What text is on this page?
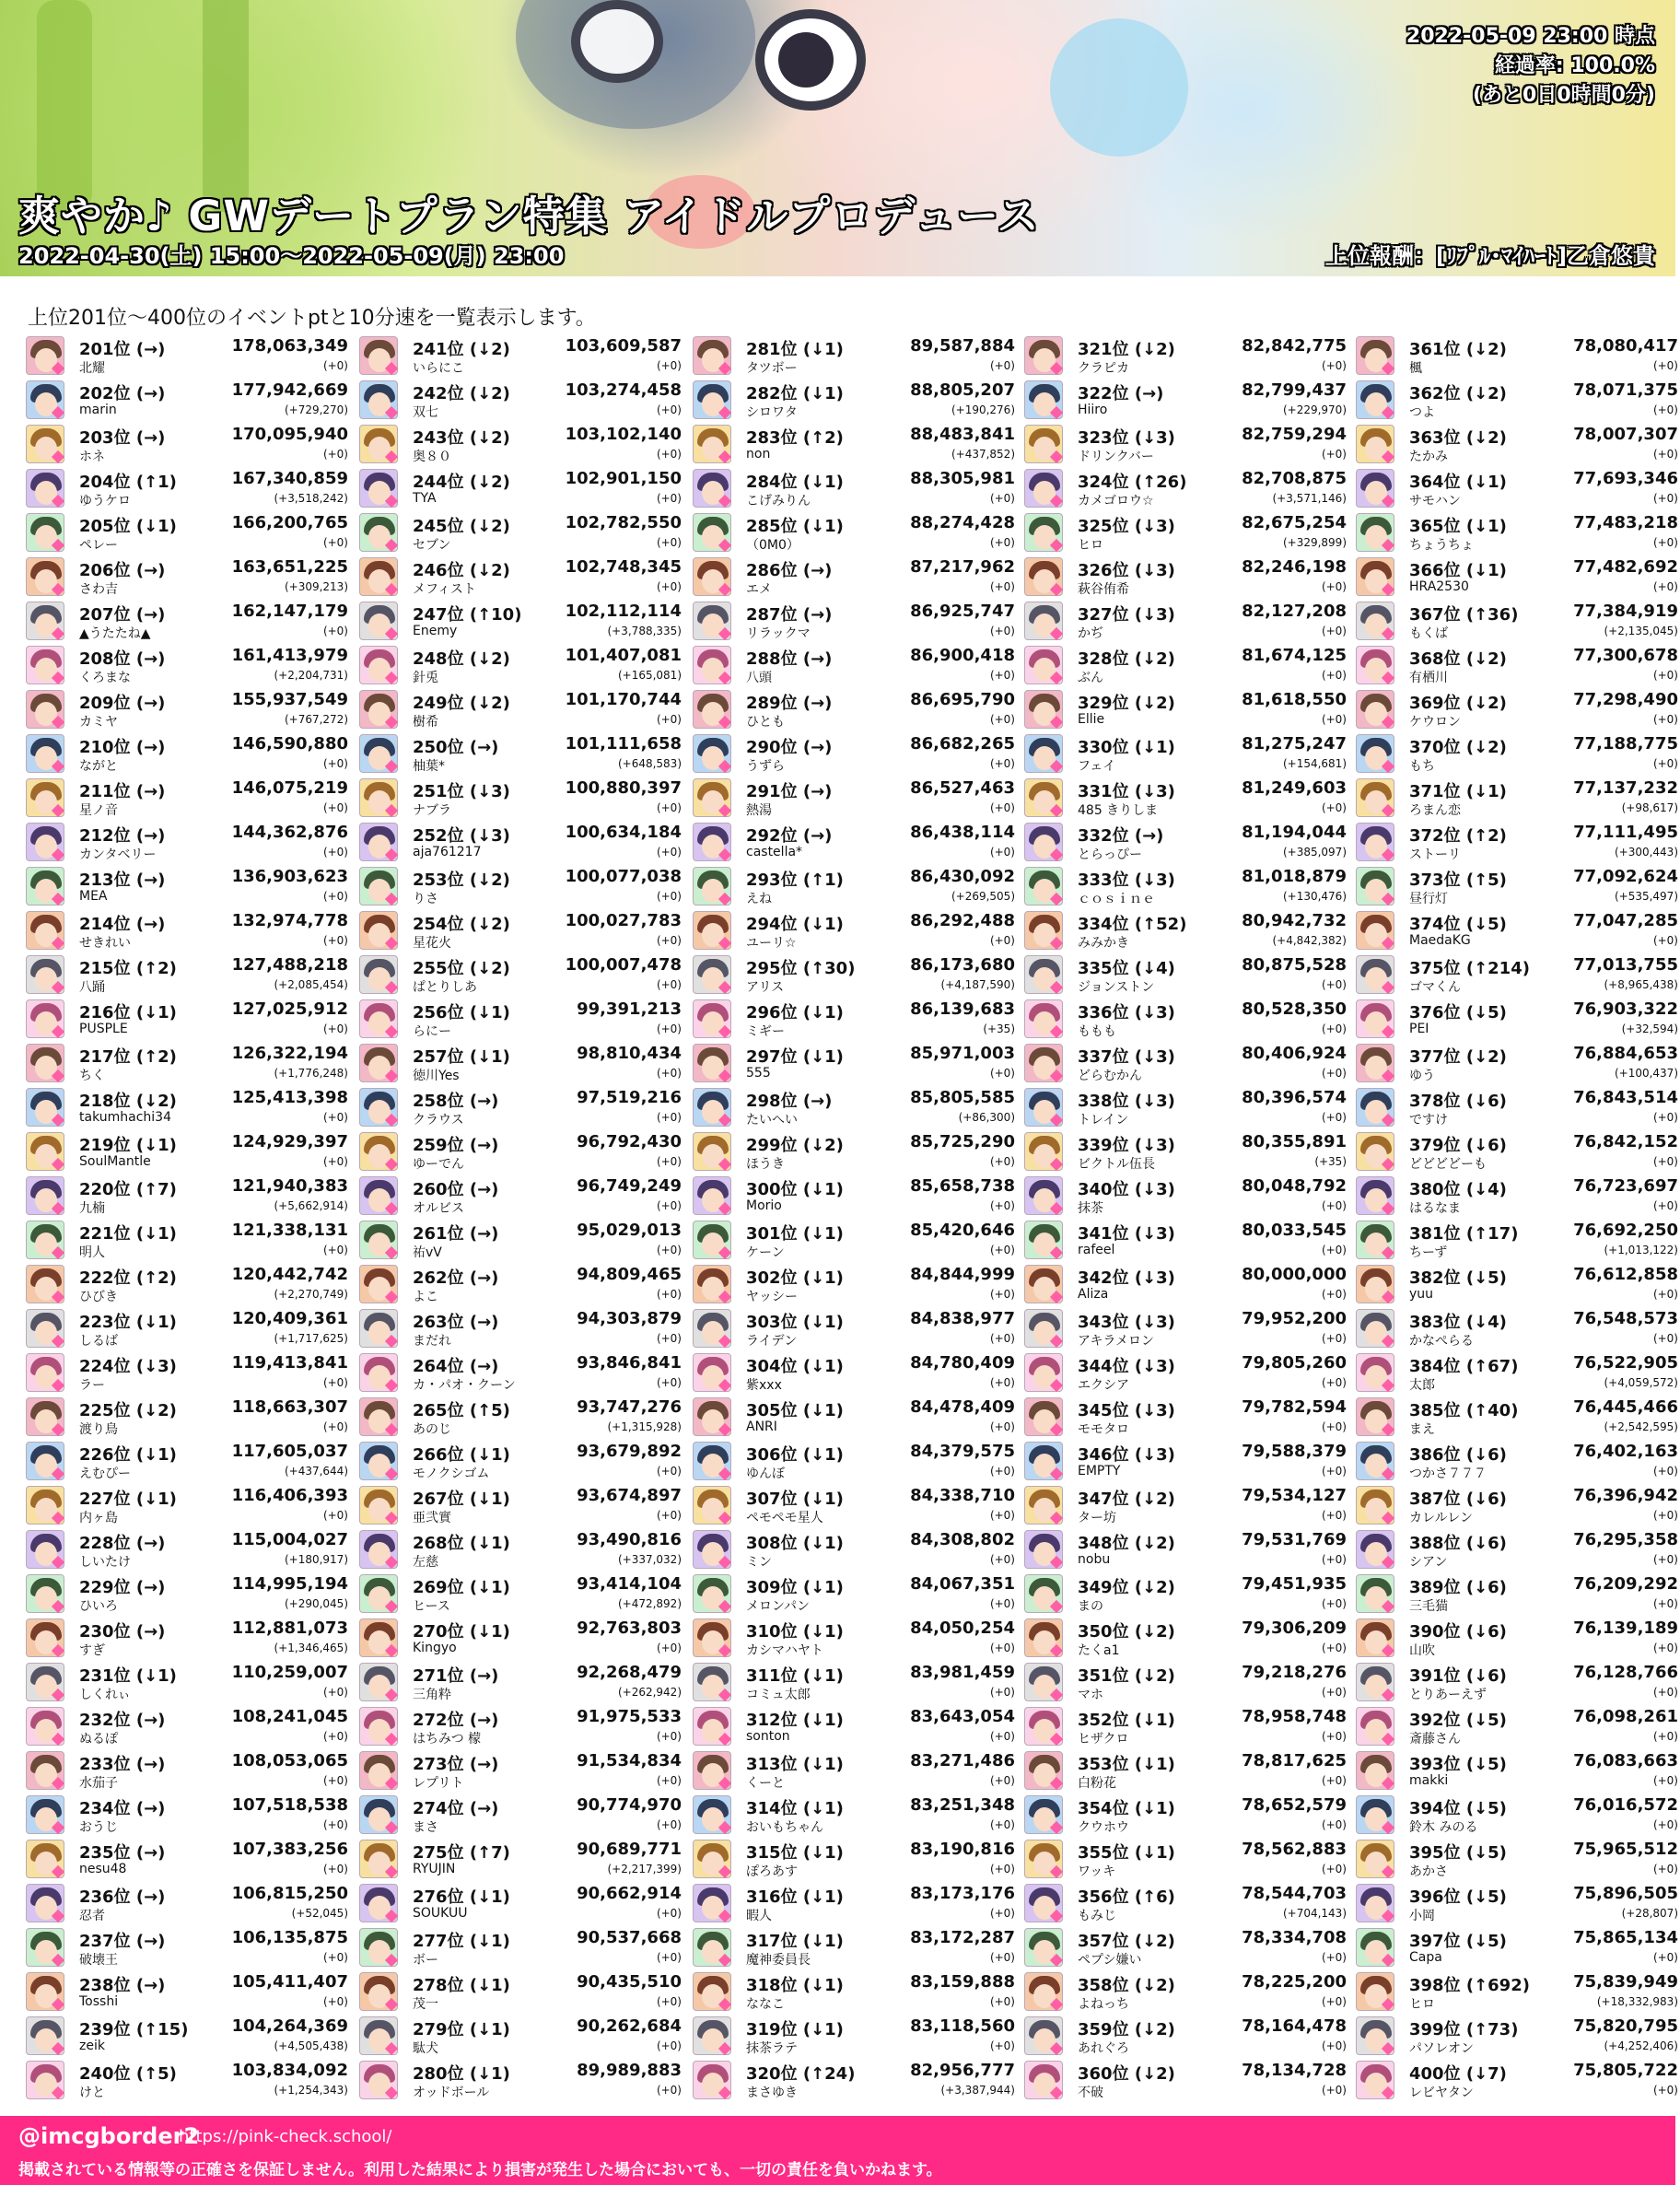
2022-05-09 23:00 時点
経過率: 100.0%
(あと0日0時間0分)
爽やか♪ GWデートプラン特集 アイドルプロデュース
2022-04-30(土) 15:00〜2022-05-09(月) 23:00	上位報酬：[ﾘﾌﾟﾙ･ﾏｲﾊｰﾄ]乙倉悠貴
上位201位〜400位のイベントptと10分速を一覧表示します。
201位 (→)	178,063,349
北耀	(+0)
202位 (→)	177,942,669
marin	(+729,270)
203位 (→)	170,095,940
ホネ	(+0)
204位 (↑1)	167,340,859
ゆうケロ	(+3,518,242)
205位 (↓1)	166,200,765
ペレー	(+0)
206位 (→)	163,651,225
さわ吉	(+309,213)
207位 (→)	162,147,179
▲うたたね▲	(+0)
208位 (→)	161,413,979
くろまな	(+2,204,731)
209位 (→)	155,937,549
カミヤ	(+767,272)
210位 (→)	146,590,880
ながと	(+0)
211位 (→)	146,075,219
星ノ音	(+0)
212位 (→)	144,362,876
カンタベリー	(+0)
213位 (→)	136,903,623
MEA	(+0)
214位 (→)	132,974,778
せきれい	(+0)
215位 (↑2)	127,488,218
八踊	(+2,085,454)
216位 (↓1)	127,025,912
PUSPLE	(+0)
217位 (↑2)	126,322,194
ちく	(+1,776,248)
218位 (↓2)	125,413,398
takumhachi34	(+0)
219位 (↓1)	124,929,397
SoulMantle	(+0)
220位 (↑7)	121,940,383
九楠	(+5,662,914)
221位 (↓1)	121,338,131
明人	(+0)
222位 (↑2)	120,442,742
ひびき	(+2,270,749)
223位 (↓1)	120,409,361
しるば	(+1,717,625)
224位 (↓3)	119,413,841
ラー	(+0)
225位 (↓2)	118,663,307
渡り鳥	(+0)
226位 (↓1)	117,605,037
えむぴー	(+437,644)
227位 (↓1)	116,406,393
内ヶ島	(+0)
228位 (→)	115,004,027
しいたけ	(+180,917)
229位 (→)	114,995,194
ひいろ	(+290,045)
230位 (→)	112,881,073
すぎ	(+1,346,465)
231位 (↓1)	110,259,007
しくれぃ	(+0)
232位 (→)	108,241,045
ぬるぽ	(+0)
233位 (→)	108,053,065
水茄子	(+0)
234位 (→)	107,518,538
おうじ	(+0)
235位 (→)	107,383,256
nesu48	(+0)
236位 (→)	106,815,250
忍者	(+52,045)
237位 (→)	106,135,875
破壊王	(+0)
238位 (→)	105,411,407
Tosshi	(+0)
239位 (↑15)	104,264,369
zeik	(+4,505,438)
240位 (↑5)	103,834,092
けと	(+1,254,343)
241位 (↓2)	103,609,587
いらにこ	(+0)
242位 (↓2)	103,274,458
双七	(+0)
243位 (↓2)	103,102,140
奥８０	(+0)
244位 (↓2)	102,901,150
TYA	(+0)
245位 (↓2)	102,782,550
セブン	(+0)
246位 (↓2)	102,748,345
メフィスト	(+0)
247位 (↑10)	102,112,114
Enemy	(+3,788,335)
248位 (↓2)	101,407,081
針兎	(+165,081)
249位 (↓2)	101,170,744
樹希	(+0)
250位 (→)	101,111,658
柚葉*	(+648,583)
251位 (↓3)	100,880,397
ナブラ	(+0)
252位 (↓3)	100,634,184
aja761217	(+0)
253位 (↓2)	100,077,038
りさ	(+0)
254位 (↓2)	100,027,783
星花火	(+0)
255位 (↓2)	100,007,478
ぱとりしあ	(+0)
256位 (↓1)	99,391,213
らにー	(+0)
257位 (↓1)	98,810,434
徳川Yes	(+0)
258位 (→)	97,519,216
クラウス	(+0)
259位 (→)	96,792,430
ゆーでん	(+0)
260位 (→)	96,749,249
オルビス	(+0)
261位 (→)	95,029,013
祐vV	(+0)
262位 (→)	94,809,465
よこ	(+0)
263位 (→)	94,303,879
まだれ	(+0)
264位 (→)	93,846,841
カ・パオ・クーン	(+0)
265位 (↑5)	93,747,276
あのじ	(+1,315,928)
266位 (↓1)	93,679,892
モノクシゴム	(+0)
267位 (↓1)	93,674,897
亜弐實	(+0)
268位 (↓1)	93,490,816
左慈	(+337,032)
269位 (↓1)	93,414,104
ヒース	(+472,892)
270位 (↓1)	92,763,803
Kingyo	(+0)
271位 (→)	92,268,479
三角粋	(+262,942)
272位 (→)	91,975,533
はちみつ 檬	(+0)
273位 (→)	91,534,834
レプリト	(+0)
274位 (→)	90,774,970
まさ	(+0)
275位 (↑7)	90,689,771
RYUJIN	(+2,217,399)
276位 (↓1)	90,662,914
SOUKUU	(+0)
277位 (↓1)	90,537,668
ボー	(+0)
278位 (↓1)	90,435,510
茂一	(+0)
279位 (↓1)	90,262,684
駄犬	(+0)
280位 (↓1)	89,989,883
オッドボール	(+0)
281位 (↓1)	89,587,884
タツボー	(+0)
282位 (↓1)	88,805,207
シロワタ	(+190,276)
283位 (↑2)	88,483,841
non	(+437,852)
284位 (↓1)	88,305,981
こげみりん	(+0)
285位 (↓1)	88,274,428
（0M0）	(+0)
286位 (→)	87,217,962
エメ	(+0)
287位 (→)	86,925,747
リラックマ	(+0)
288位 (→)	86,900,418
八頭	(+0)
289位 (→)	86,695,790
ひとも	(+0)
290位 (→)	86,682,265
うずら	(+0)
291位 (→)	86,527,463
熱湯	(+0)
292位 (→)	86,438,114
castella*	(+0)
293位 (↑1)	86,430,092
えね	(+269,505)
294位 (↓1)	86,292,488
ユーリ☆	(+0)
295位 (↑30)	86,173,680
アリス	(+4,187,590)
296位 (↓1)	86,139,683
ミギー	(+35)
297位 (↓1)	85,971,003
555	(+0)
298位 (→)	85,805,585
たいへい	(+86,300)
299位 (↓2)	85,725,290
ほうき	(+0)
300位 (↓1)	85,658,738
Morio	(+0)
301位 (↓1)	85,420,646
ケーン	(+0)
302位 (↓1)	84,844,999
ヤッシー	(+0)
303位 (↓1)	84,838,977
ライデン	(+0)
304位 (↓1)	84,780,409
紫xxx	(+0)
305位 (↓1)	84,478,409
ANRI	(+0)
306位 (↓1)	84,379,575
ゆんぼ	(+0)
307位 (↓1)	84,338,710
ペモペモ星人	(+0)
308位 (↓1)	84,308,802
ミン	(+0)
309位 (↓1)	84,067,351
メロンパン	(+0)
310位 (↓1)	84,050,254
カシマハヤト	(+0)
311位 (↓1)	83,981,459
コミュ太郎	(+0)
312位 (↓1)	83,643,054
sonton	(+0)
313位 (↓1)	83,271,486
くーと	(+0)
314位 (↓1)	83,251,348
おいもちゃん	(+0)
315位 (↓1)	83,190,816
ぽろあす	(+0)
316位 (↓1)	83,173,176
暇人	(+0)
317位 (↓1)	83,172,287
魔神委員長	(+0)
318位 (↓1)	83,159,888
ななこ	(+0)
319位 (↓1)	83,118,560
抹茶ラテ	(+0)
320位 (↑24)	82,956,777
まさゆき	(+3,387,944)
321位 (↓2)	82,842,775
クラピカ	(+0)
322位 (→)	82,799,437
Hiiro	(+229,970)
323位 (↓3)	82,759,294
ドリンクバー	(+0)
324位 (↑26)	82,708,875
カメゴロウ☆	(+3,571,146)
325位 (↓3)	82,675,254
ヒロ	(+329,899)
326位 (↓3)	82,246,198
萩谷侑希	(+0)
327位 (↓3)	82,127,208
かぢ	(+0)
328位 (↓2)	81,674,125
ぶん	(+0)
329位 (↓2)	81,618,550
Ellie	(+0)
330位 (↓1)	81,275,247
フェイ	(+154,681)
331位 (↓3)	81,249,603
485 きりしま	(+0)
332位 (→)	81,194,044
とらっぴー	(+385,097)
333位 (↓3)	81,018,879
ｃｏｓｉｎｅ	(+130,476)
334位 (↑52)	80,942,732
みみかき	(+4,842,382)
335位 (↓4)	80,875,528
ジョンストン	(+0)
336位 (↓3)	80,528,350
ももも	(+0)
337位 (↓3)	80,406,924
どらむかん	(+0)
338位 (↓3)	80,396,574
トレイン	(+0)
339位 (↓3)	80,355,891
ビクトル伍長	(+35)
340位 (↓3)	80,048,792
抹茶	(+0)
341位 (↓3)	80,033,545
rafeel	(+0)
342位 (↓3)	80,000,000
Aliza	(+0)
343位 (↓3)	79,952,200
アキラメロン	(+0)
344位 (↓3)	79,805,260
エクシア	(+0)
345位 (↓3)	79,782,594
モモタロ	(+0)
346位 (↓3)	79,588,379
EMPTY	(+0)
347位 (↓2)	79,534,127
ター坊	(+0)
348位 (↓2)	79,531,769
nobu	(+0)
349位 (↓2)	79,451,935
まの	(+0)
350位 (↓2)	79,306,209
たくa1	(+0)
351位 (↓2)	79,218,276
マホ	(+0)
352位 (↓1)	78,958,748
ヒザクロ	(+0)
353位 (↓1)	78,817,625
白粉花	(+0)
354位 (↓1)	78,652,579
クウホウ	(+0)
355位 (↓1)	78,562,883
ワッキ	(+0)
356位 (↑6)	78,544,703
もみじ	(+704,143)
357位 (↓2)	78,334,708
ペプシ嫌い	(+0)
358位 (↓2)	78,225,200
よねっち	(+0)
359位 (↓2)	78,164,478
あれぐろ	(+0)
360位 (↓2)	78,134,728
不破	(+0)
361位 (↓2)	78,080,417
楓	(+0)
362位 (↓2)	78,071,375
つよ	(+0)
363位 (↓2)	78,007,307
たかみ	(+0)
364位 (↓1)	77,693,346
サモハン	(+0)
365位 (↓1)	77,483,218
ちょうちょ	(+0)
366位 (↓1)	77,482,692
HRA2530	(+0)
367位 (↑36)	77,384,919
もくば	(+2,135,045)
368位 (↓2)	77,300,678
有栖川	(+0)
369位 (↓2)	77,298,490
ケウロン	(+0)
370位 (↓2)	77,188,775
もち	(+0)
371位 (↓1)	77,137,232
ろまん恋	(+98,617)
372位 (↑2)	77,111,495
ストーリ	(+300,443)
373位 (↑5)	77,092,624
昼行灯	(+535,497)
374位 (↓5)	77,047,285
MaedaKG	(+0)
375位 (↑214)	77,013,755
ゴマくん	(+8,965,438)
376位 (↓5)	76,903,322
PEI	(+32,594)
377位 (↓2)	76,884,653
ゆう	(+100,437)
378位 (↓6)	76,843,514
ですけ	(+0)
379位 (↓6)	76,842,152
どどどどーも	(+0)
380位 (↓4)	76,723,697
はるなま	(+0)
381位 (↑17)	76,692,250
ちーず	(+1,013,122)
382位 (↓5)	76,612,858
yuu	(+0)
383位 (↓4)	76,548,573
かなぺらる	(+0)
384位 (↑67)	76,522,905
太郎	(+4,059,572)
385位 (↑40)	76,445,466
まえ	(+2,542,595)
386位 (↓6)	76,402,163
つかさ７７７	(+0)
387位 (↓6)	76,396,942
カレルレン	(+0)
388位 (↓6)	76,295,358
シアン	(+0)
389位 (↓6)	76,209,292
三毛猫	(+0)
390位 (↓6)	76,139,189
山吹	(+0)
391位 (↓6)	76,128,766
とりあーえず	(+0)
392位 (↓5)	76,098,261
斎藤さん	(+0)
393位 (↓5)	76,083,663
makki	(+0)
394位 (↓5)	76,016,572
鈴木 みのる	(+0)
395位 (↓5)	75,965,512
あかさ	(+0)
396位 (↓5)	75,896,505
小岡	(+28,807)
397位 (↓5)	75,865,134
Capa	(+0)
398位 (↑692)	75,839,949
ヒロ	(+18,332,983)
399位 (↑73)	75,820,795
パソレオン	(+4,252,406)
400位 (↓7)	75,805,722
レビヤタン	(+0)
@imcgborder2
https://pink-check.school/
掲載されている情報等の正確さを保証しません。利用した結果により損害が発生した場合においても、一切の責任を負いかねます。
